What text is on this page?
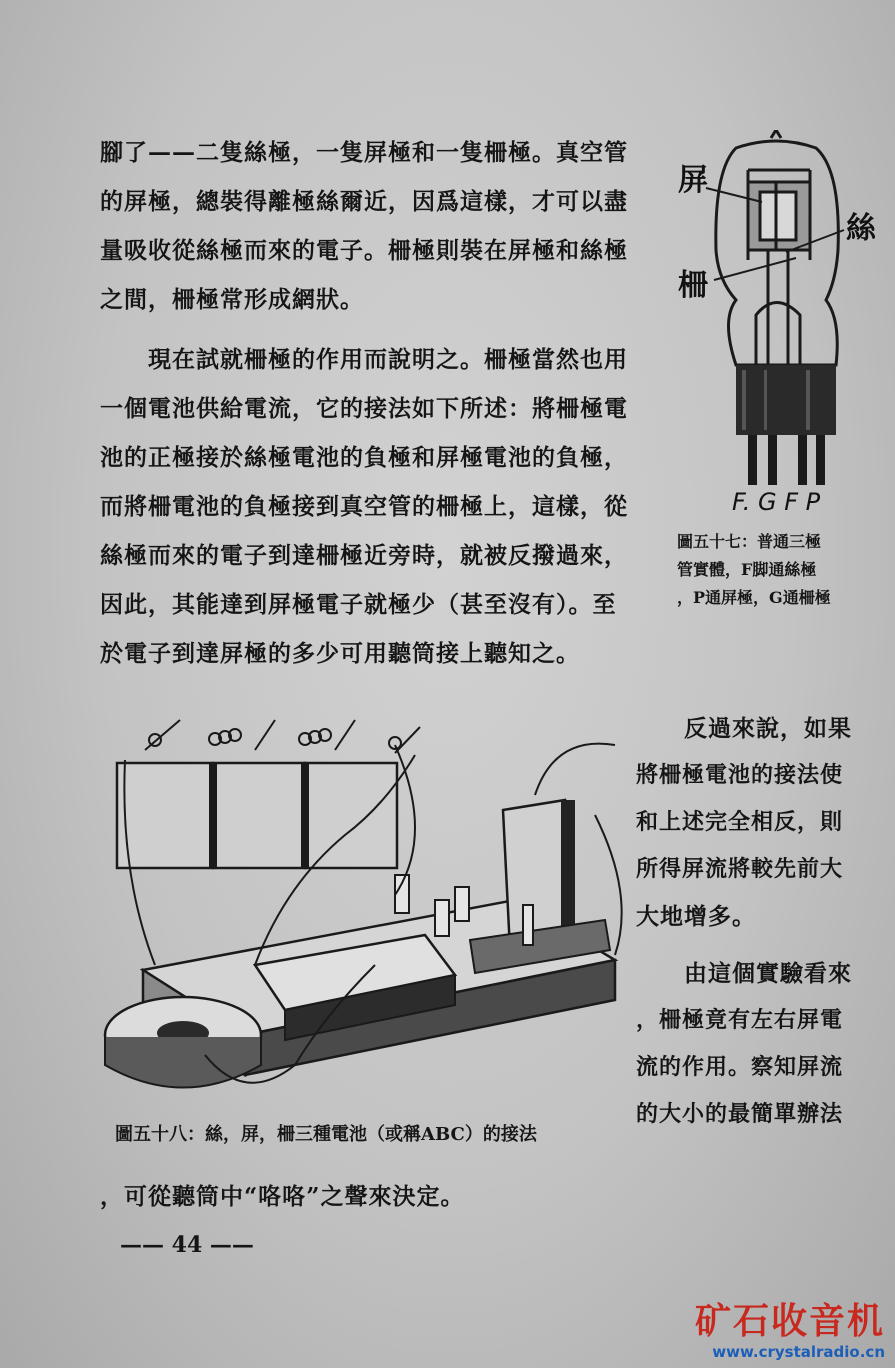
腳了——二隻絲極，一隻屏極和一隻柵極。真空管
的屏極，總裝得離極絲爾近，因爲這樣，才可以盡
量吸收從絲極而來的電子。柵極則裝在屏極和絲極
之間，柵極常形成網狀。
現在試就柵極的作用而說明之。柵極當然也用
一個電池供給電流，它的接法如下所述：將柵極電
池的正極接於絲極電池的負極和屏極電池的負極，
而將柵電池的負極接到真空管的柵極上，這樣，從
絲極而來的電子到達柵極近旁時，就被反撥過來，
因此，其能達到屏極電子就極少（甚至沒有）。至
於電子到達屏極的多少可用聽筒接上聽知之。
屏
絲
柵
F. G F P
圖五十七：普通三極
管實體，F脚通絲極
，P通屏極，G通柵極
圖五十八：絲，屏，柵三種電池（或稱ABC）的接法
反過來說，如果
將柵極電池的接法使
和上述完全相反，則
所得屏流將較先前大
大地增多。
由這個實驗看來
，柵極竟有左右屏電
流的作用。察知屏流
的大小的最簡單辦法
，可從聽筒中“咯咯”之聲來決定。
—— 44 ——
矿石收音机
www.crystalradio.cn
